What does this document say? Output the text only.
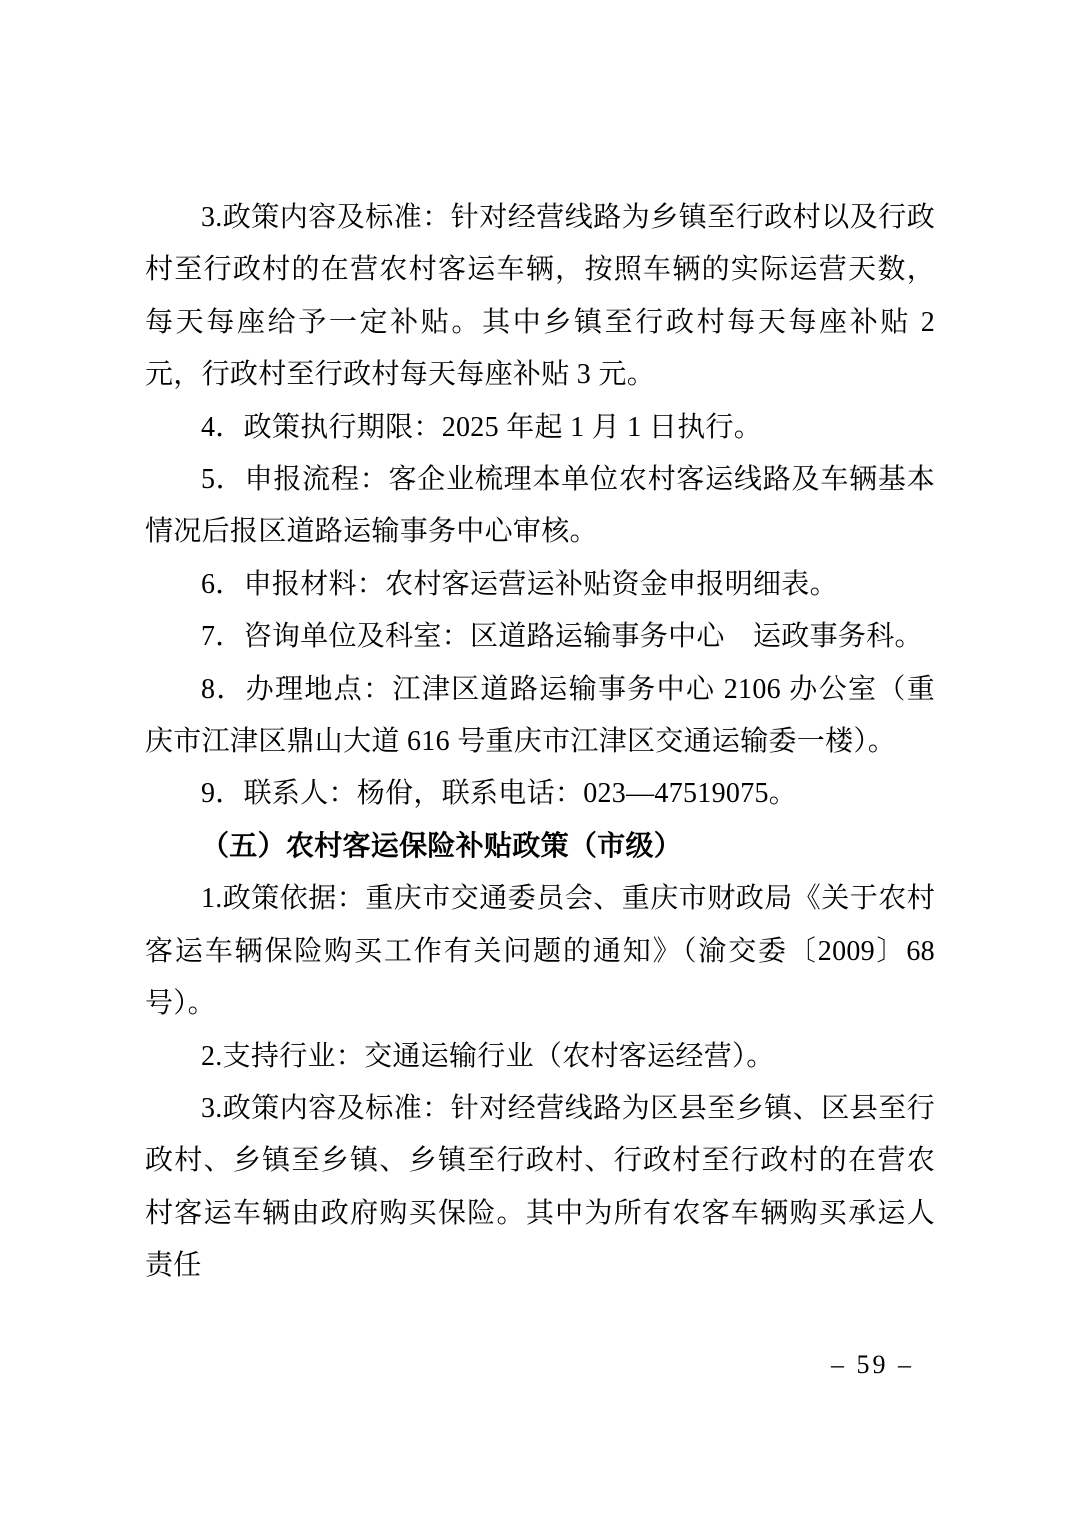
3.政策内容及标准：针对经营线路为乡镇至行政村以及行政村至行政村的在营农村客运车辆，按照车辆的实际运营天数，每天每座给予一定补贴。其中乡镇至行政村每天每座补贴 2 元，行政村至行政村每天每座补贴 3 元。

4．政策执行期限：2025 年起 1 月 1 日执行。

5．申报流程：客企业梳理本单位农村客运线路及车辆基本情况后报区道路运输事务中心审核。

6．申报材料：农村客运营运补贴资金申报明细表。

7．咨询单位及科室：区道路运输事务中心　运政事务科。

8．办理地点：江津区道路运输事务中心 2106 办公室（重庆市江津区鼎山大道 616 号重庆市江津区交通运输委一楼）。

9．联系人：杨佾，联系电话：023—47519075。

（五）农村客运保险补贴政策（市级）

1.政策依据：重庆市交通委员会、重庆市财政局《关于农村客运车辆保险购买工作有关问题的通知》（渝交委〔2009〕68号）。

2.支持行业：交通运输行业（农村客运经营）。

3.政策内容及标准：针对经营线路为区县至乡镇、区县至行政村、乡镇至乡镇、乡镇至行政村、行政村至行政村的在营农村客运车辆由政府购买保险。其中为所有农客车辆购买承运人责任

– 59 –
